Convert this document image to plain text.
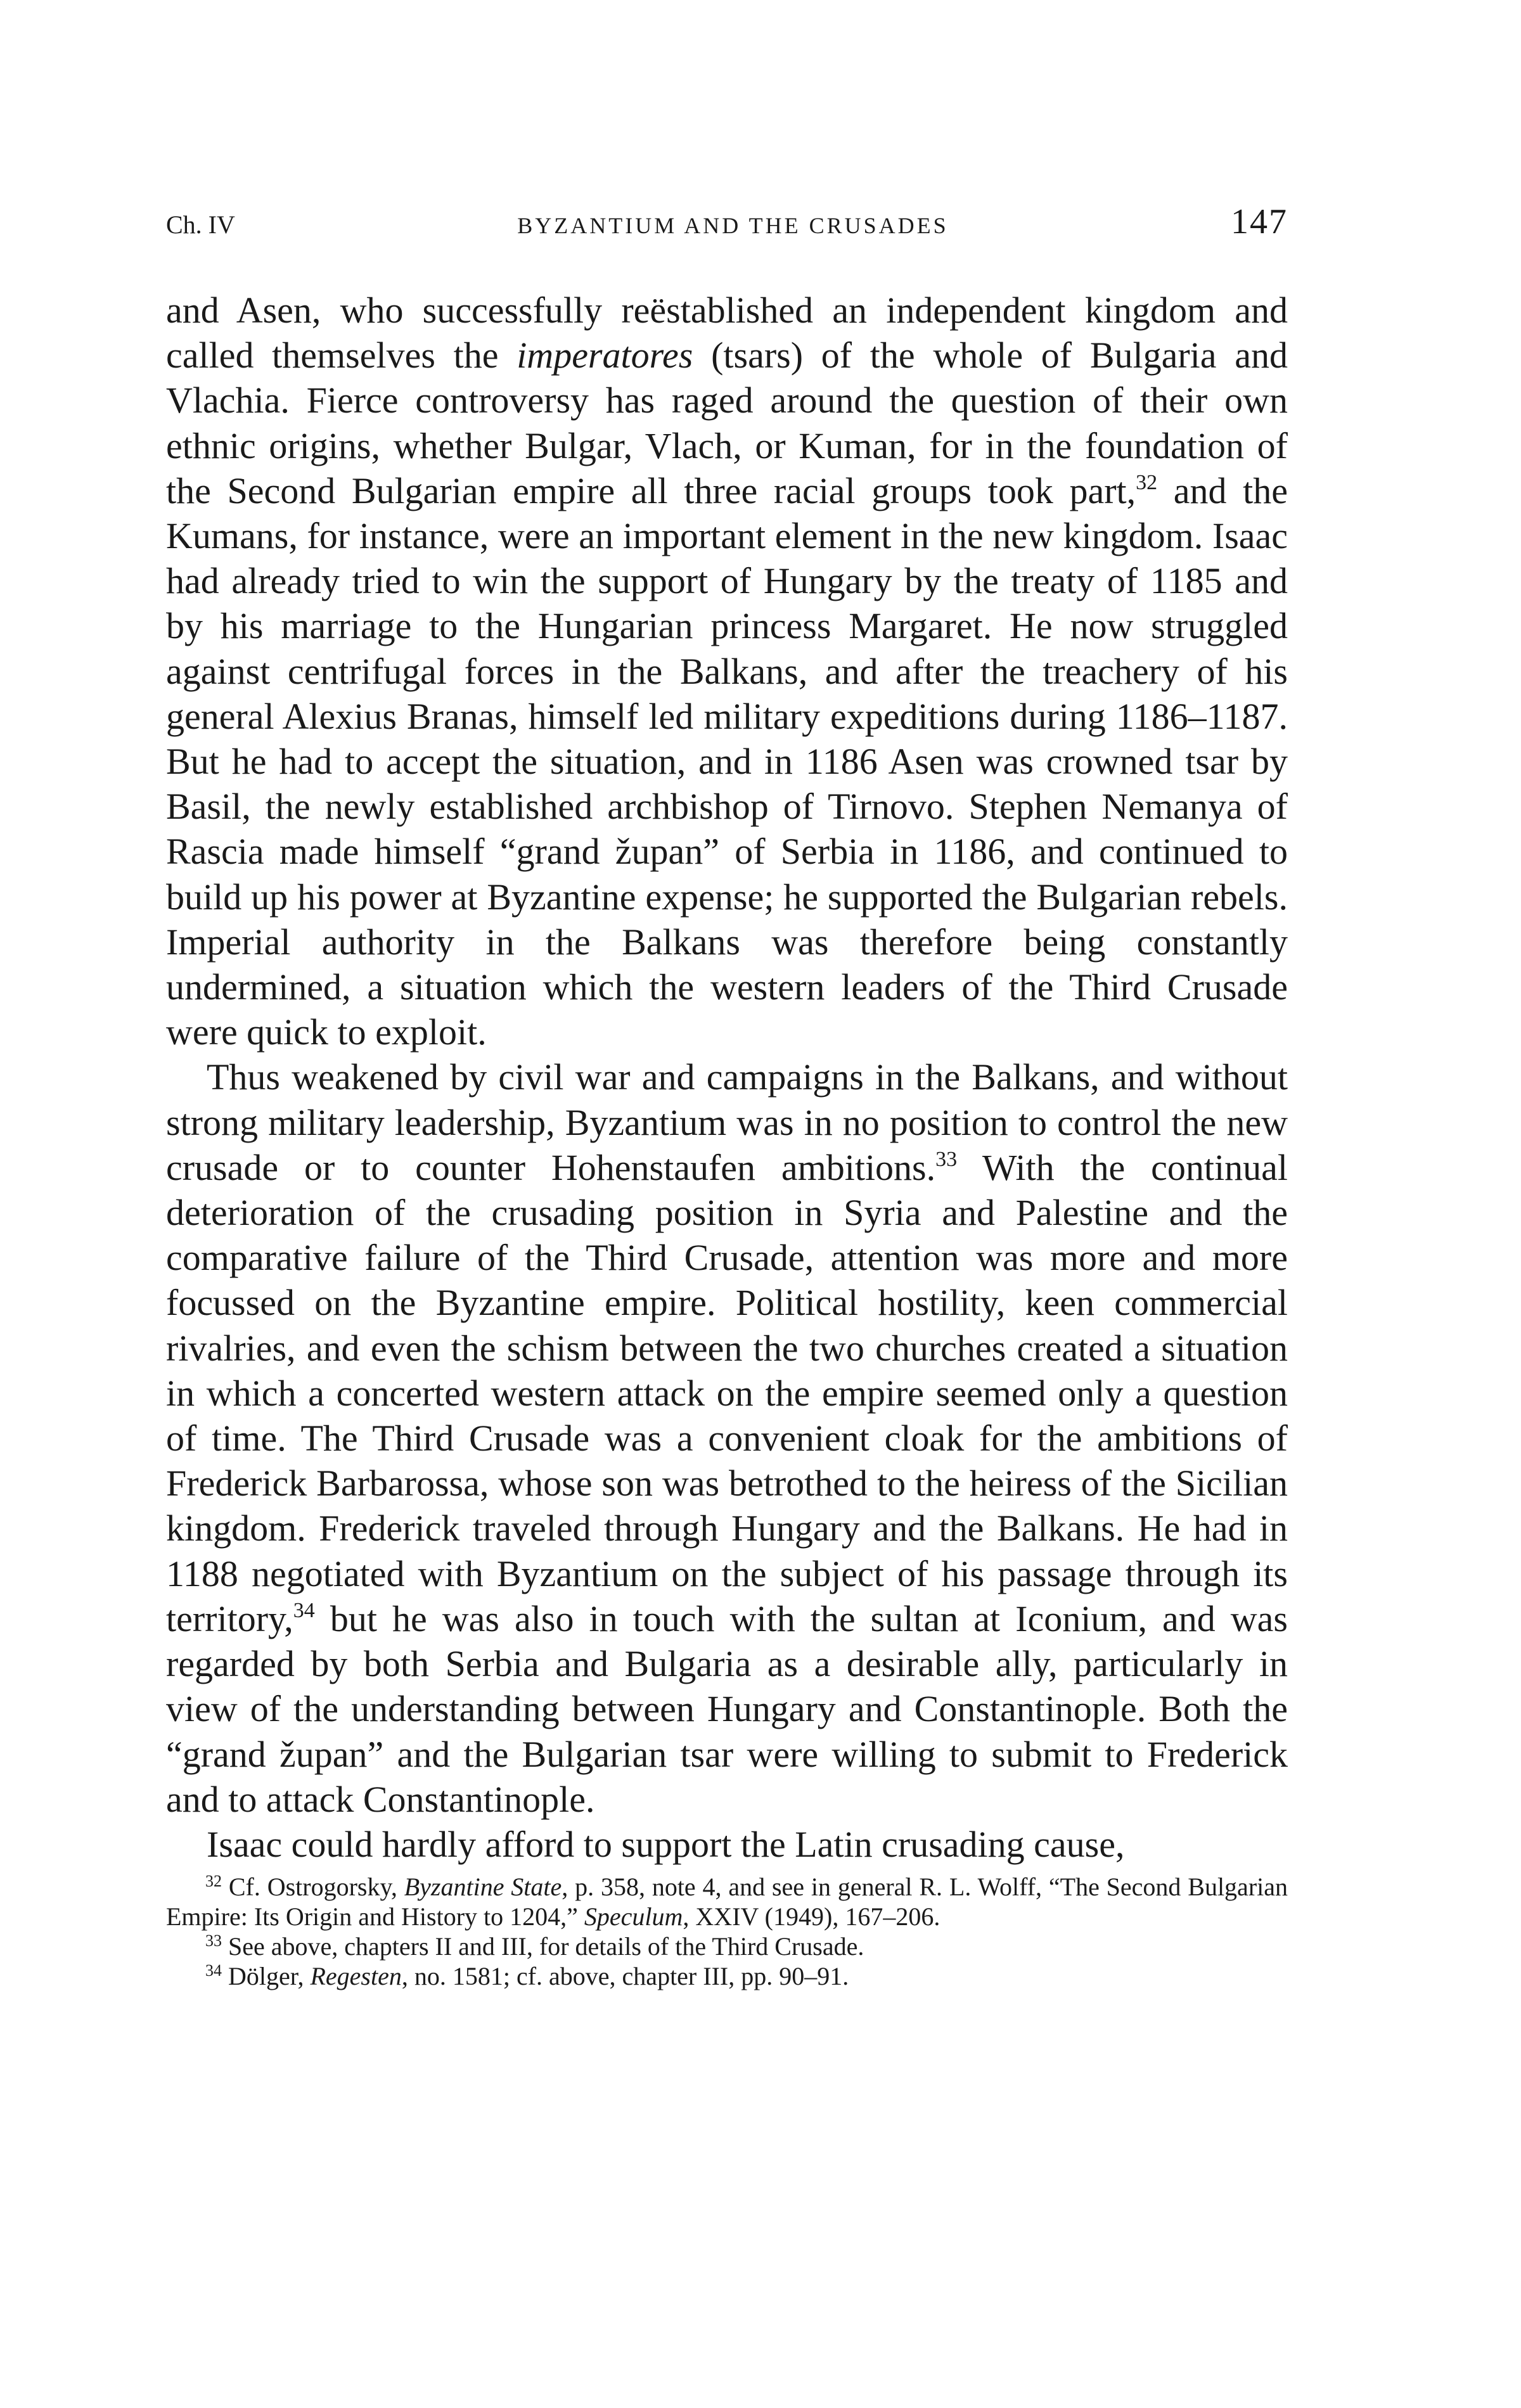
Ch. IV	BYZANTIUM AND THE CRUSADES	147

and Asen, who successfully reëstablished an independent kingdom and called themselves the imperatores (tsars) of the whole of Bulgaria and Vlachia. Fierce controversy has raged around the question of their own ethnic origins, whether Bulgar, Vlach, or Kuman, for in the foundation of the Second Bulgarian empire all three racial groups took part,$^{32}$ and the Kumans, for instance, were an important element in the new kingdom. Isaac had already tried to win the support of Hungary by the treaty of 1185 and by his marriage to the Hungarian princess Margaret. He now struggled against centrifugal forces in the Balkans, and after the treachery of his general Alexius Branas, himself led military expeditions during 1186–1187. But he had to accept the situation, and in 1186 Asen was crowned tsar by Basil, the newly established archbishop of Tirnovo. Stephen Nemanya of Rascia made himself “grand župan” of Serbia in 1186, and continued to build up his power at Byzantine expense; he supported the Bulgarian rebels. Imperial authority in the Balkans was therefore being constantly undermined, a situation which the western leaders of the Third Crusade were quick to exploit.

Thus weakened by civil war and campaigns in the Balkans, and without strong military leadership, Byzantium was in no position to control the new crusade or to counter Hohenstaufen ambitions.$^{33}$ With the continual deterioration of the crusading position in Syria and Palestine and the comparative failure of the Third Crusade, attention was more and more focussed on the Byzantine empire. Political hostility, keen commercial rivalries, and even the schism between the two churches created a situation in which a concerted western attack on the empire seemed only a question of time. The Third Crusade was a convenient cloak for the ambitions of Frederick Barbarossa, whose son was betrothed to the heiress of the Sicilian kingdom. Frederick traveled through Hungary and the Balkans. He had in 1188 negotiated with Byzantium on the subject of his passage through its territory,$^{34}$ but he was also in touch with the sultan at Iconium, and was regarded by both Serbia and Bulgaria as a desirable ally, particularly in view of the understanding between Hungary and Constantinople. Both the “grand župan” and the Bulgarian tsar were willing to submit to Frederick and to attack Constantinople.

Isaac could hardly afford to support the Latin crusading cause,

$^{32}$ Cf. Ostrogorsky, Byzantine State, p. 358, note 4, and see in general R. L. Wolff, “The Second Bulgarian Empire: Its Origin and History to 1204,” Speculum, XXIV (1949), 167–206.

$^{33}$ See above, chapters II and III, for details of the Third Crusade.

$^{34}$ Dölger, Regesten, no. 1581; cf. above, chapter III, pp. 90–91.
